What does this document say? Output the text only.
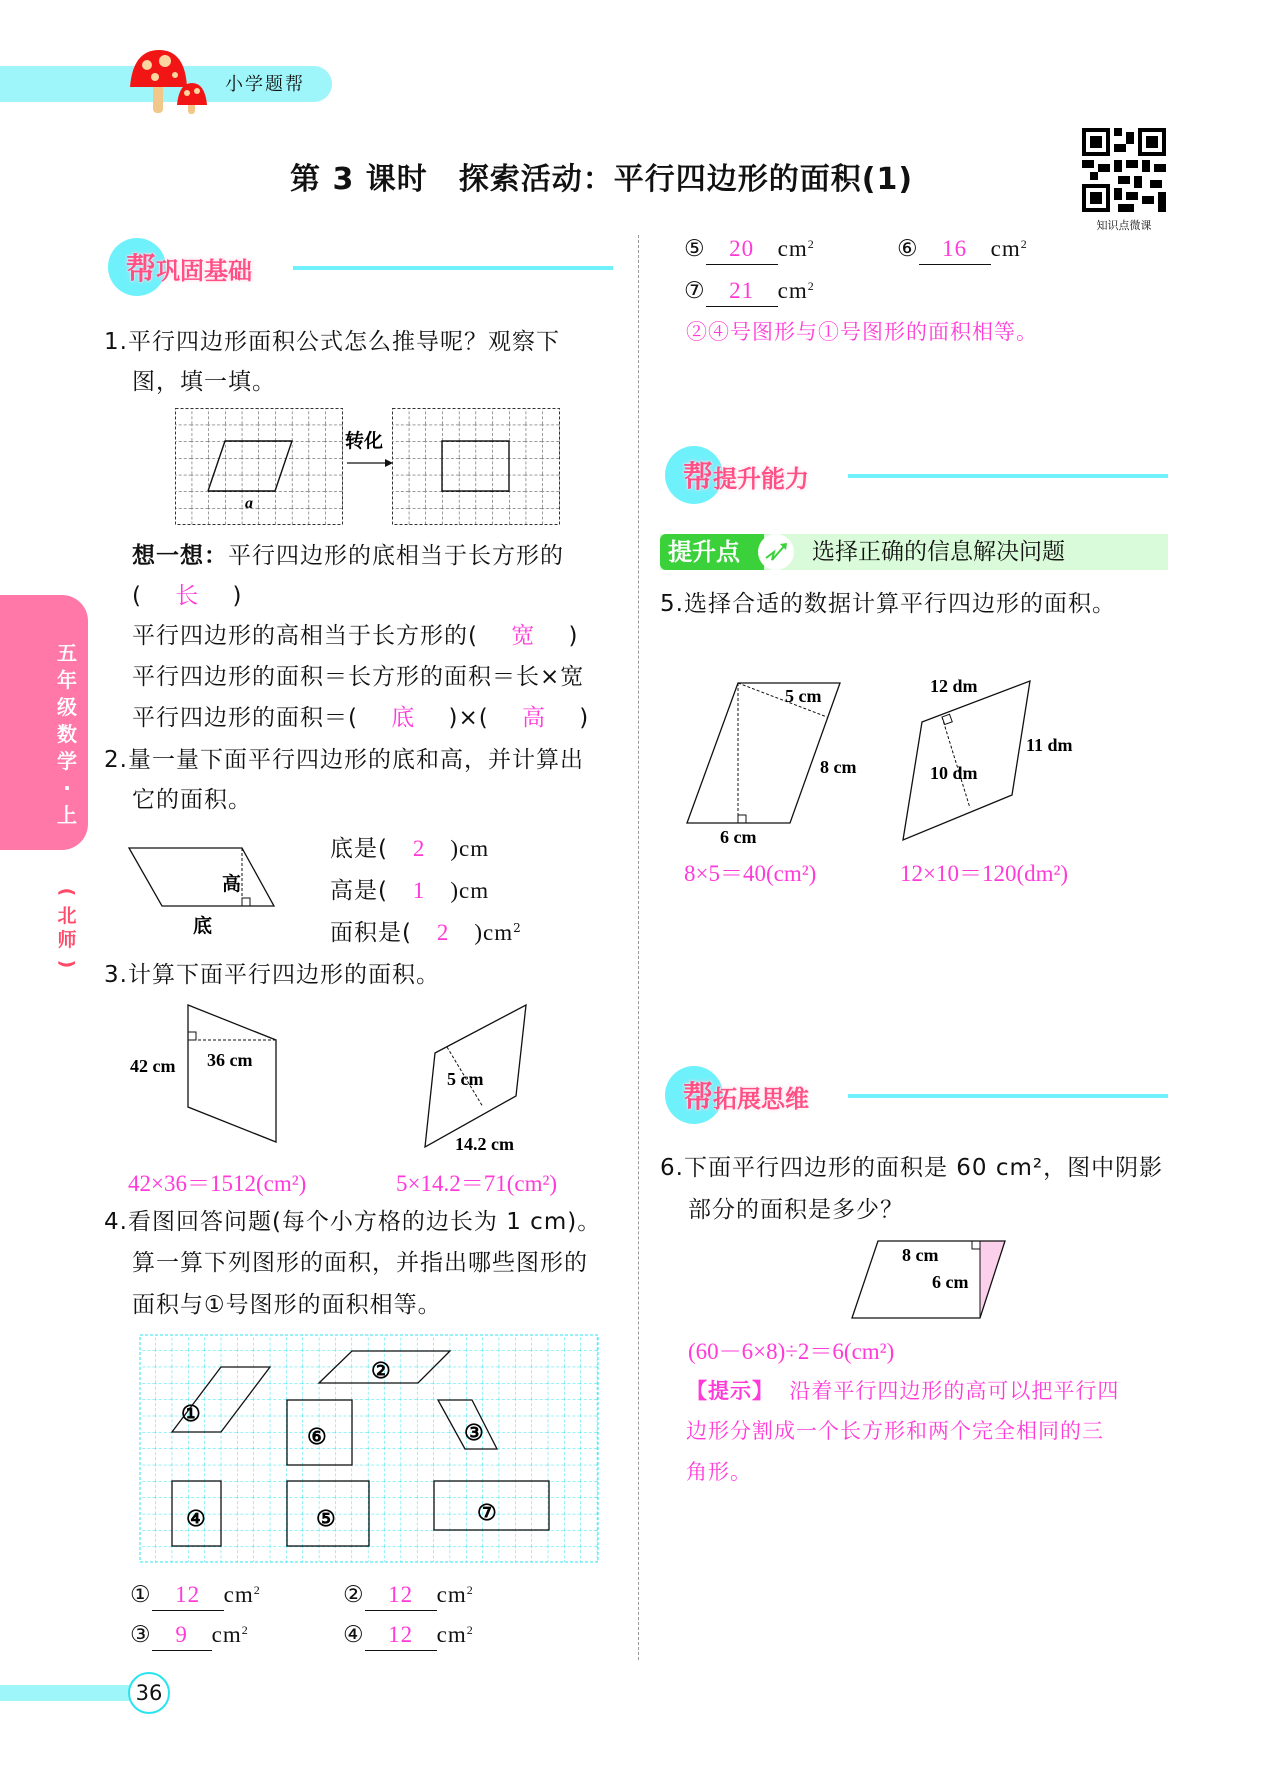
小学题帮
第 3 课时　探索活动：平行四边形的面积(1)
知识点微课
五
年
级
数
学
·
上
(
北
师
)
帮巩固基础
1.平行四边形面积公式怎么推导呢？观察下
图，填一填。
a
转化
想一想：平行四边形的底相当于长方形的
( 长 )
平行四边形的高相当于长方形的( 宽 )
平行四边形的面积＝长方形的面积＝长×宽
平行四边形的面积＝( 底 )×( 高 )
2.量一量下面平行四边形的底和高，并计算出
它的面积。
高
底
底是( 2 )cm
高是( 1 )cm
面积是( 2 )$cm^2$
3.计算下面平行四边形的面积。
42 cm 36 cm
5 cm
14.2 cm
42×36＝1512(cm²)	5×14.2＝71(cm²)
4.看图回答问题(每个小方格的边长为 1 cm)。
算一算下列图形的面积，并指出哪些图形的
面积与①号图形的面积相等。
①
②
③
④	⑤
⑥
⑦
① 12 $cm^2$	② 12 $cm^2$
③ 9 $cm^2$	④ 12 $cm^2$
⑤ 20 $cm^2$	⑥ 16 $cm^2$
⑦ 21 $cm^2$
②④号图形与①号图形的面积相等。
帮提升能力
提升点	选择正确的信息解决问题
5.选择合适的数据计算平行四边形的面积。
5 cm
8 cm
6 cm
12 dm
11 dm
10 dm
8×5＝40(cm²)	12×10＝120(dm²)
帮拓展思维
6.下面平行四边形的面积是 60 cm²，图中阴影
部分的面积是多少？
8 cm
6 cm
(60－6×8)÷2＝6(cm²)
【提示】 沿着平行四边形的高可以把平行四
边形分割成一个长方形和两个完全相同的三
角形。
36
